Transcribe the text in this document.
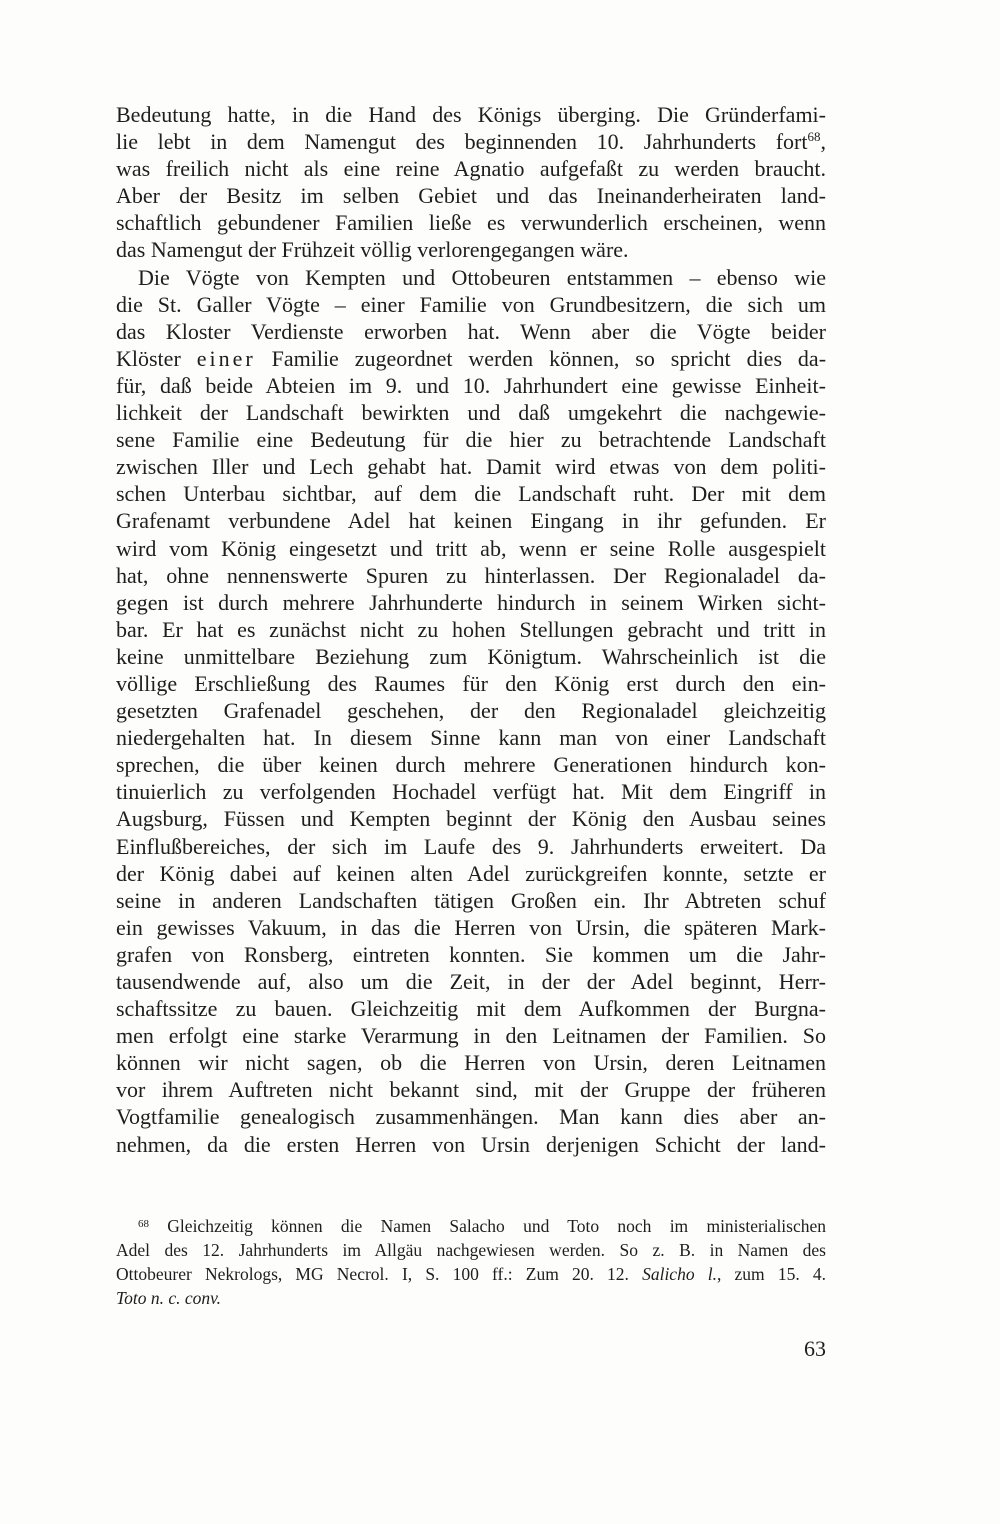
Bedeutung hatte, in die Hand des Königs überging. Die Gründerfami-
lie lebt in dem Namengut des beginnenden 10. Jahrhunderts fort$^{68}$,
was freilich nicht als eine reine Agnatio aufgefaßt zu werden braucht.
Aber der Besitz im selben Gebiet und das Ineinanderheiraten land-
schaftlich gebundener Familien ließe es verwunderlich erscheinen, wenn
das Namengut der Frühzeit völlig verlorengegangen wäre.
Die Vögte von Kempten und Ottobeuren entstammen – ebenso wie
die St. Galler Vögte – einer Familie von Grundbesitzern, die sich um
das Kloster Verdienste erworben hat. Wenn aber die Vögte beider
Klöster einer Familie zugeordnet werden können, so spricht dies da-
für, daß beide Abteien im 9. und 10. Jahrhundert eine gewisse Einheit-
lichkeit der Landschaft bewirkten und daß umgekehrt die nachgewie-
sene Familie eine Bedeutung für die hier zu betrachtende Landschaft
zwischen Iller und Lech gehabt hat. Damit wird etwas von dem politi-
schen Unterbau sichtbar, auf dem die Landschaft ruht. Der mit dem
Grafenamt verbundene Adel hat keinen Eingang in ihr gefunden. Er
wird vom König eingesetzt und tritt ab, wenn er seine Rolle ausgespielt
hat, ohne nennenswerte Spuren zu hinterlassen. Der Regionaladel da-
gegen ist durch mehrere Jahrhunderte hindurch in seinem Wirken sicht-
bar. Er hat es zunächst nicht zu hohen Stellungen gebracht und tritt in
keine unmittelbare Beziehung zum Königtum. Wahrscheinlich ist die
völlige Erschließung des Raumes für den König erst durch den ein-
gesetzten Grafenadel geschehen, der den Regionaladel gleichzeitig
niedergehalten hat. In diesem Sinne kann man von einer Landschaft
sprechen, die über keinen durch mehrere Generationen hindurch kon-
tinuierlich zu verfolgenden Hochadel verfügt hat. Mit dem Eingriff in
Augsburg, Füssen und Kempten beginnt der König den Ausbau seines
Einflußbereiches, der sich im Laufe des 9. Jahrhunderts erweitert. Da
der König dabei auf keinen alten Adel zurückgreifen konnte, setzte er
seine in anderen Landschaften tätigen Großen ein. Ihr Abtreten schuf
ein gewisses Vakuum, in das die Herren von Ursin, die späteren Mark-
grafen von Ronsberg, eintreten konnten. Sie kommen um die Jahr-
tausendwende auf, also um die Zeit, in der der Adel beginnt, Herr-
schaftssitze zu bauen. Gleichzeitig mit dem Aufkommen der Burgna-
men erfolgt eine starke Verarmung in den Leitnamen der Familien. So
können wir nicht sagen, ob die Herren von Ursin, deren Leitnamen
vor ihrem Auftreten nicht bekannt sind, mit der Gruppe der früheren
Vogtfamilie genealogisch zusammenhängen. Man kann dies aber an-
nehmen, da die ersten Herren von Ursin derjenigen Schicht der land-
$^{68}$ Gleichzeitig können die Namen Salacho und Toto noch im ministerialischen
Adel des 12. Jahrhunderts im Allgäu nachgewiesen werden. So z. B. in Namen des
Ottobeurer Nekrologs, MG Necrol. I, S. 100 ff.: Zum 20. 12. Salicho l., zum 15. 4.
Toto n. c. conv.
63
